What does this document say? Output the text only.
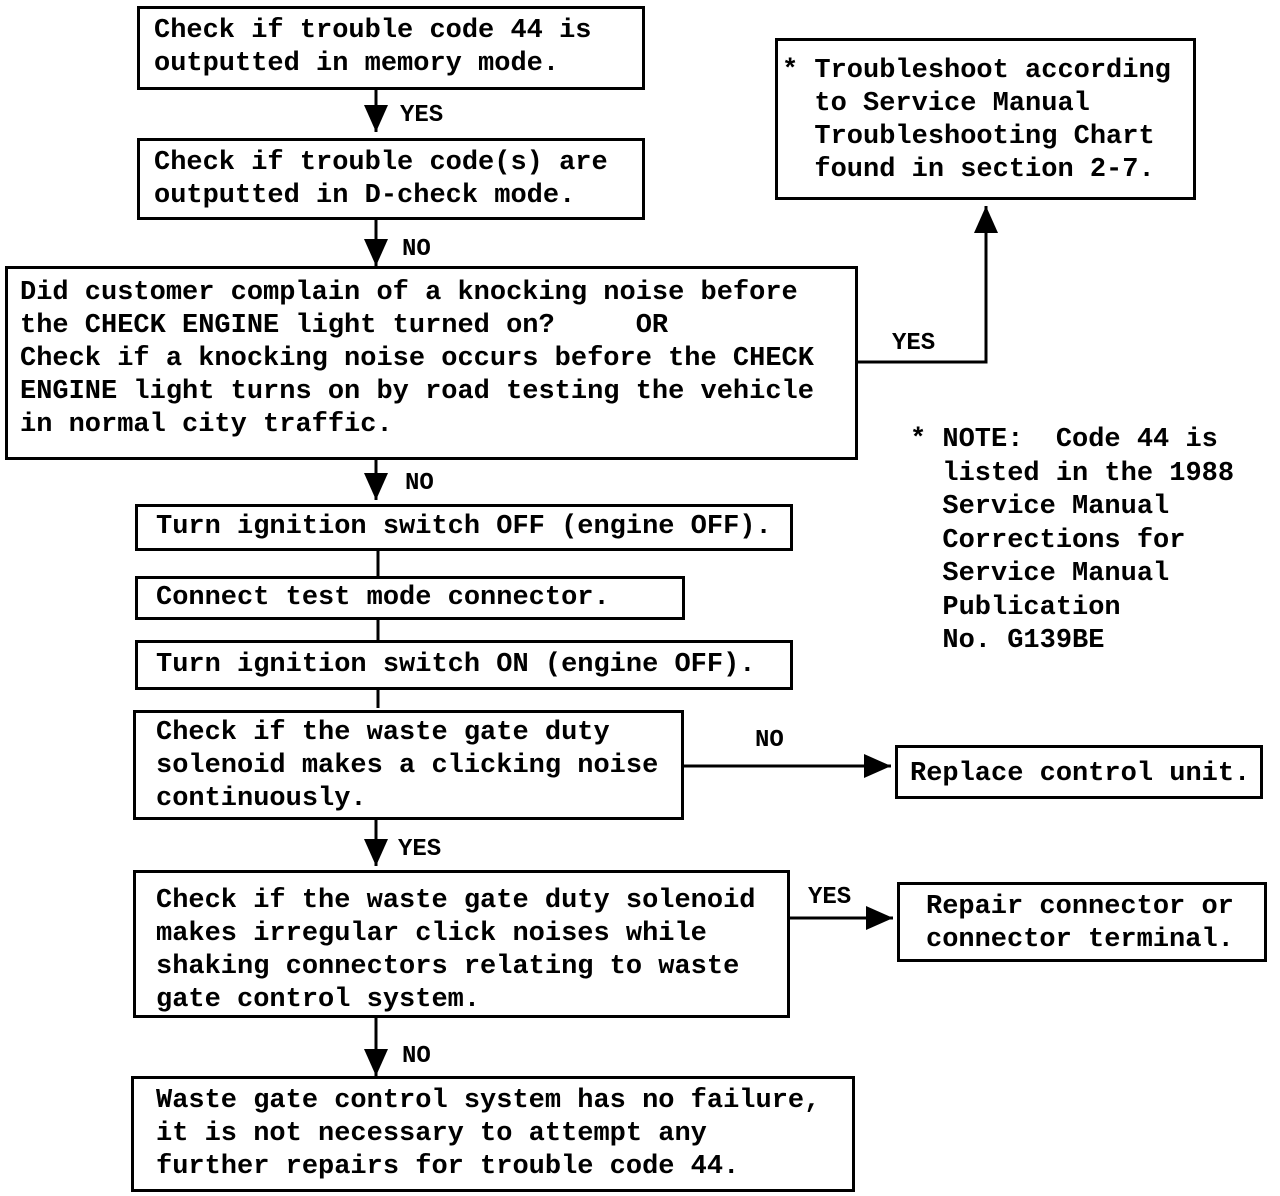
Check if trouble code 44 is
outputted in memory mode.
Check if trouble code(s) are
outputted in D-check mode.
Did customer complain of a knocking noise before
the CHECK ENGINE light turned on?     OR
Check if a knocking noise occurs before the CHECK
ENGINE light turns on by road testing the vehicle
in normal city traffic.
* Troubleshoot according
to Service Manual
Troubleshooting Chart
found in section 2-7.
Turn ignition switch OFF (engine OFF).
Connect test mode connector.
Turn ignition switch ON (engine OFF).
Check if the waste gate duty
solenoid makes a clicking noise
continuously.
Replace control unit.
Check if the waste gate duty solenoid
makes irregular click noises while
shaking connectors relating to waste
gate control system.
Repair connector or
connector terminal.
Waste gate control system has no failure,
it is not necessary to attempt any
further repairs for trouble code 44.
YES
NO
YES
NO
NO
YES
YES
NO
* NOTE:  Code 44 is
listed in the 1988
Service Manual
Corrections for
Service Manual
Publication
No. G139BE
